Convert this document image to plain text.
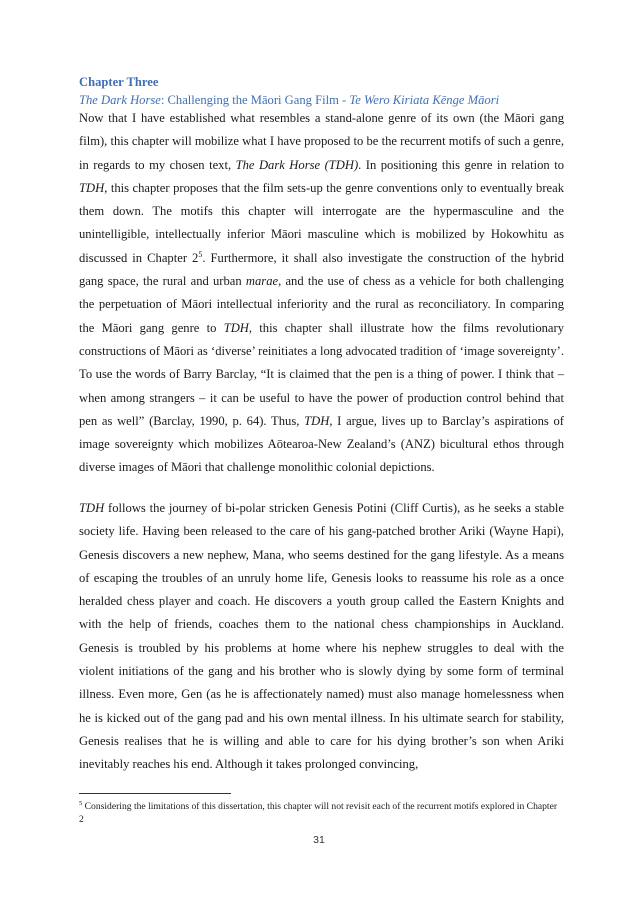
Chapter Three
The Dark Horse: Challenging the Māori Gang Film - Te Wero Kiriata Kēnge Māori

Now that I have established what resembles a stand-alone genre of its own (the Māori gang film), this chapter will mobilize what I have proposed to be the recurrent motifs of such a genre, in regards to my chosen text, The Dark Horse (TDH). In positioning this genre in relation to TDH, this chapter proposes that the film sets-up the genre conventions only to eventually break them down. The motifs this chapter will interrogate are the hypermasculine and the unintelligible, intellectually inferior Māori masculine which is mobilized by Hokowhitu as discussed in Chapter $2^5$. Furthermore, it shall also investigate the construction of the hybrid gang space, the rural and urban marae, and the use of chess as a vehicle for both challenging the perpetuation of Māori intellectual inferiority and the rural as reconciliatory. In comparing the Māori gang genre to TDH, this chapter shall illustrate how the films revolutionary constructions of Māori as ‘diverse’ reinitiates a long advocated tradition of ‘image sovereignty’. To use the words of Barry Barclay, “It is claimed that the pen is a thing of power. I think that – when among strangers – it can be useful to have the power of production control behind that pen as well” (Barclay, 1990, p. 64). Thus, TDH, I argue, lives up to Barclay’s aspirations of image sovereignty which mobilizes Aōtearoa-New Zealand’s (ANZ) bicultural ethos through diverse images of Māori that challenge monolithic colonial depictions.

TDH follows the journey of bi-polar stricken Genesis Potini (Cliff Curtis), as he seeks a stable society life. Having been released to the care of his gang-patched brother Ariki (Wayne Hapi), Genesis discovers a new nephew, Mana, who seems destined for the gang lifestyle. As a means of escaping the troubles of an unruly home life, Genesis looks to reassume his role as a once heralded chess player and coach. He discovers a youth group called the Eastern Knights and with the help of friends, coaches them to the national chess championships in Auckland. Genesis is troubled by his problems at home where his nephew struggles to deal with the violent initiations of the gang and his brother who is slowly dying by some form of terminal illness. Even more, Gen (as he is affectionately named) must also manage homelessness when he is kicked out of the gang pad and his own mental illness. In his ultimate search for stability, Genesis realises that he is willing and able to care for his dying brother’s son when Ariki inevitably reaches his end. Although it takes prolonged convincing,

$^5$ Considering the limitations of this dissertation, this chapter will not revisit each of the recurrent motifs explored in Chapter 2
31
